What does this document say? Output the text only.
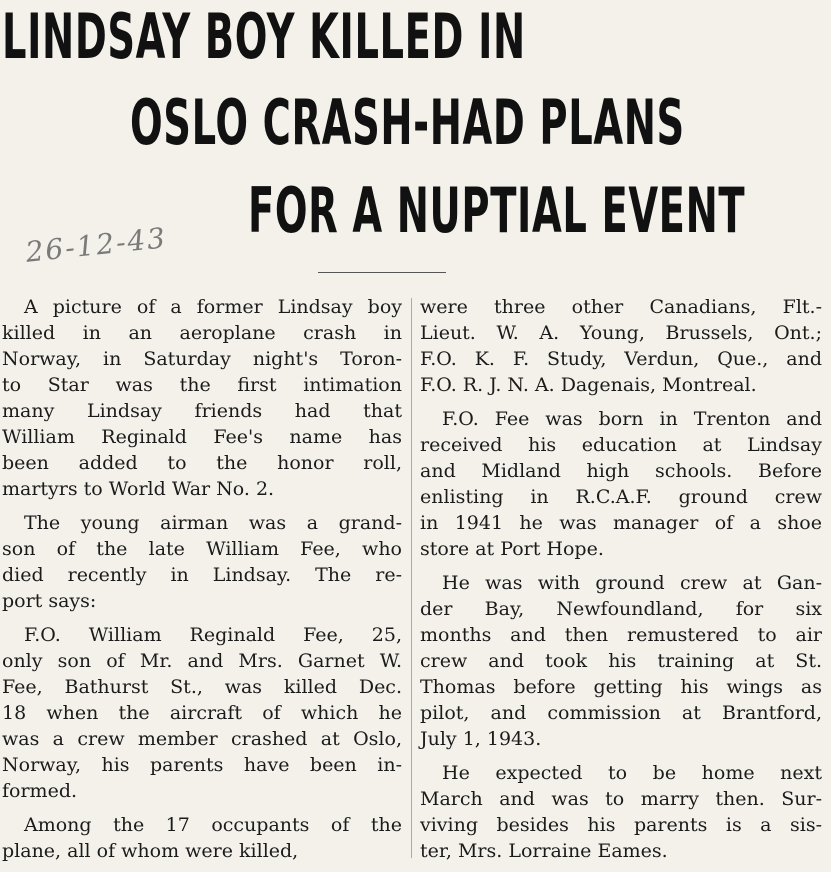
LINDSAY BOY KILLED IN
OSLO CRASH-HAD PLANS
FOR A NUPTIAL EVENT
26-12-43

A picture of a former Lindsay boy
killed in an aeroplane crash in
Norway, in Saturday night's Toron-
to Star was the first intimation
many Lindsay friends had that
William Reginald Fee's name has
been added to the honor roll,
martyrs to World War No. 2.

The young airman was a grand-
son of the late William Fee, who
died recently in Lindsay. The re-
port says:

F.O. William Reginald Fee, 25,
only son of Mr. and Mrs. Garnet W.
Fee, Bathurst St., was killed Dec.
18 when the aircraft of which he
was a crew member crashed at Oslo,
Norway, his parents have been in-
formed.

Among the 17 occupants of the
plane, all of whom were killed,

were three other Canadians, Flt.-
Lieut. W. A. Young, Brussels, Ont.;
F.O. K. F. Study, Verdun, Que., and
F.O. R. J. N. A. Dagenais, Montreal.

F.O. Fee was born in Trenton and
received his education at Lindsay
and Midland high schools. Before
enlisting in R.C.A.F. ground crew
in 1941 he was manager of a shoe
store at Port Hope.

He was with ground crew at Gan-
der Bay, Newfoundland, for six
months and then remustered to air
crew and took his training at St.
Thomas before getting his wings as
pilot, and commission at Brantford,
July 1, 1943.

He expected to be home next
March and was to marry then. Sur-
viving besides his parents is a sis-
ter, Mrs. Lorraine Eames.
